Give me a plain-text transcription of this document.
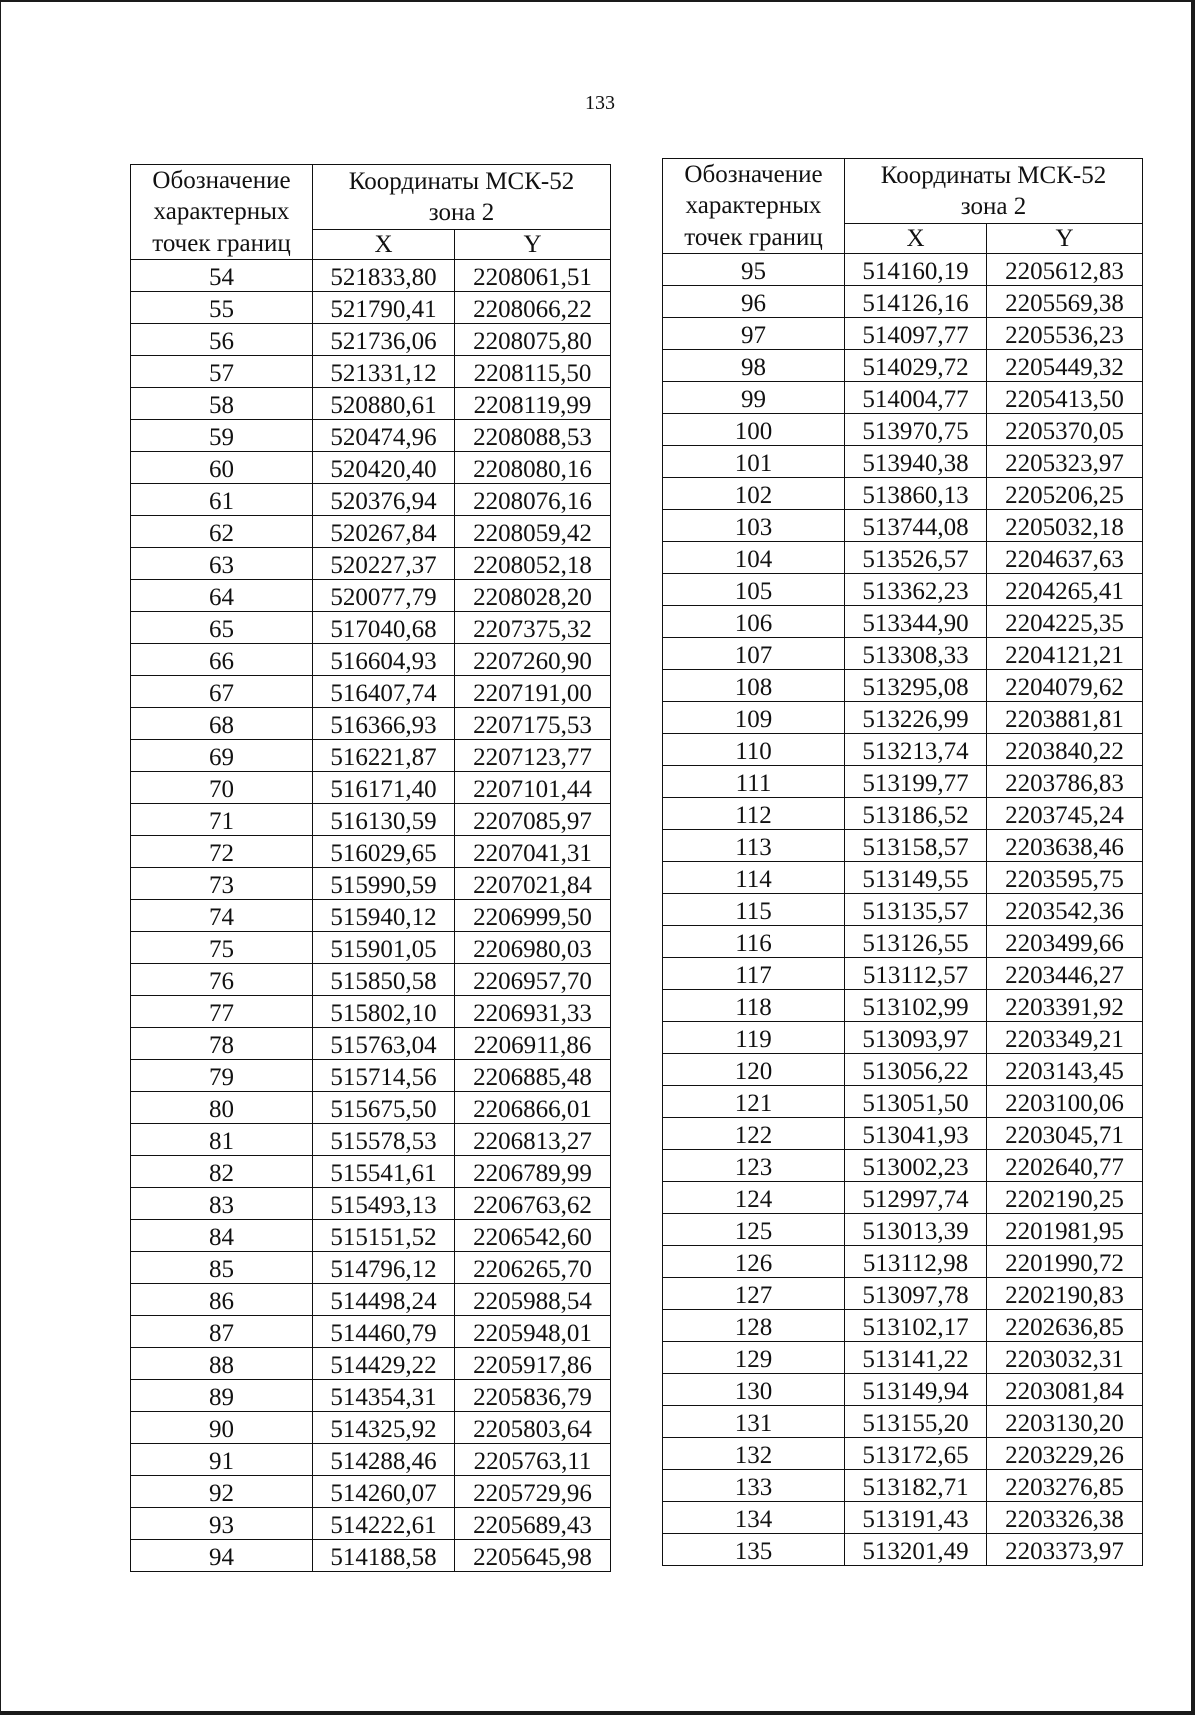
133
Обозначение
характерных
точек границ	Координаты МСК-52
зона 2	
	X	Y
54	521833,80	2208061,51
55	521790,41	2208066,22
56	521736,06	2208075,80
57	521331,12	2208115,50
58	520880,61	2208119,99
59	520474,96	2208088,53
60	520420,40	2208080,16
61	520376,94	2208076,16
62	520267,84	2208059,42
63	520227,37	2208052,18
64	520077,79	2208028,20
65	517040,68	2207375,32
66	516604,93	2207260,90
67	516407,74	2207191,00
68	516366,93	2207175,53
69	516221,87	2207123,77
70	516171,40	2207101,44
71	516130,59	2207085,97
72	516029,65	2207041,31
73	515990,59	2207021,84
74	515940,12	2206999,50
75	515901,05	2206980,03
76	515850,58	2206957,70
77	515802,10	2206931,33
78	515763,04	2206911,86
79	515714,56	2206885,48
80	515675,50	2206866,01
81	515578,53	2206813,27
82	515541,61	2206789,99
83	515493,13	2206763,62
84	515151,52	2206542,60
85	514796,12	2206265,70
86	514498,24	2205988,54
87	514460,79	2205948,01
88	514429,22	2205917,86
89	514354,31	2205836,79
90	514325,92	2205803,64
91	514288,46	2205763,11
92	514260,07	2205729,96
93	514222,61	2205689,43
94	514188,58	2205645,98
Обозначение
характерных
точек границ	Координаты МСК-52
зона 2	
	X	Y
95	514160,19	2205612,83
96	514126,16	2205569,38
97	514097,77	2205536,23
98	514029,72	2205449,32
99	514004,77	2205413,50
100	513970,75	2205370,05
101	513940,38	2205323,97
102	513860,13	2205206,25
103	513744,08	2205032,18
104	513526,57	2204637,63
105	513362,23	2204265,41
106	513344,90	2204225,35
107	513308,33	2204121,21
108	513295,08	2204079,62
109	513226,99	2203881,81
110	513213,74	2203840,22
111	513199,77	2203786,83
112	513186,52	2203745,24
113	513158,57	2203638,46
114	513149,55	2203595,75
115	513135,57	2203542,36
116	513126,55	2203499,66
117	513112,57	2203446,27
118	513102,99	2203391,92
119	513093,97	2203349,21
120	513056,22	2203143,45
121	513051,50	2203100,06
122	513041,93	2203045,71
123	513002,23	2202640,77
124	512997,74	2202190,25
125	513013,39	2201981,95
126	513112,98	2201990,72
127	513097,78	2202190,83
128	513102,17	2202636,85
129	513141,22	2203032,31
130	513149,94	2203081,84
131	513155,20	2203130,20
132	513172,65	2203229,26
133	513182,71	2203276,85
134	513191,43	2203326,38
135	513201,49	2203373,97
